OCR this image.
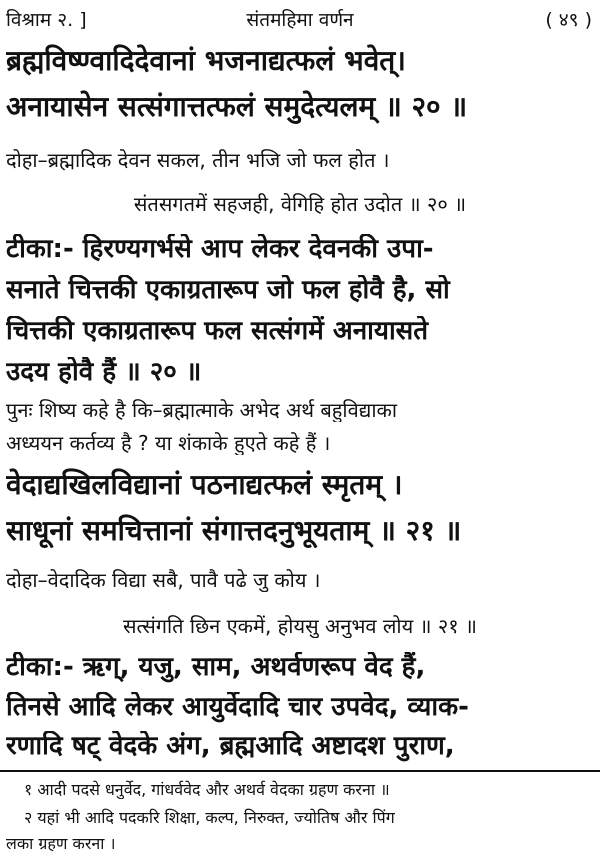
विश्राम २. ]	संतमहिमा वर्णन	( ४९ )
ब्रह्मविष्ण्वादिदेवानां भजनाद्यत्फलं भवेत्।
अनायासेन सत्संगात्तत्फलं समुदेत्यलम् ॥ २० ॥
दोहा–ब्रह्मादिक देवन सकल, तीन भजि जो फल होत ।
संतसगतमें सहजही, वेगिहि होत उदोत ॥ २० ॥
टीका:- हिरण्यगर्भसे आप लेकर देवनकी उपा-
सनाते चित्तकी एकाग्रतारूप जो फल होवै है, सो
चित्तकी एकाग्रतारूप फल सत्संगमें अनायासते
उदय होवै हैं ॥ २० ॥
पुनः शिष्य कहे है कि–ब्रह्मात्माके अभेद अर्थ बहुविद्याका
अध्ययन कर्तव्य है ? या शंकाके हुएते कहे हैं ।
वेदाद्यखिलविद्यानां पठनाद्यत्फलं स्मृतम् ।
साधूनां समचित्तानां संगात्तदनुभूयताम् ॥ २१ ॥
दोहा–वेदादिक विद्या सबै, पावै पढे जु कोय ।
सत्संगति छिन एकमें, होयसु अनुभव लोय ॥ २१ ॥
टीका:- ऋग्, यजु, साम, अथर्वणरूप वेद हैं,
तिनसे आदि लेकर आयुर्वेदादि चार उपवेद, व्याक-
रणादि षट् वेदके अंग, ब्रह्मआदि अष्टादश पुराण,
१ आदी पदसे धनुर्वेद, गांधर्ववेद और अथर्व वेदका ग्रहण करना ॥
२ यहां भी आदि पदकरि शिक्षा, कल्प, निरुक्त, ज्योतिष और पिंग
लका ग्रहण करना ।
